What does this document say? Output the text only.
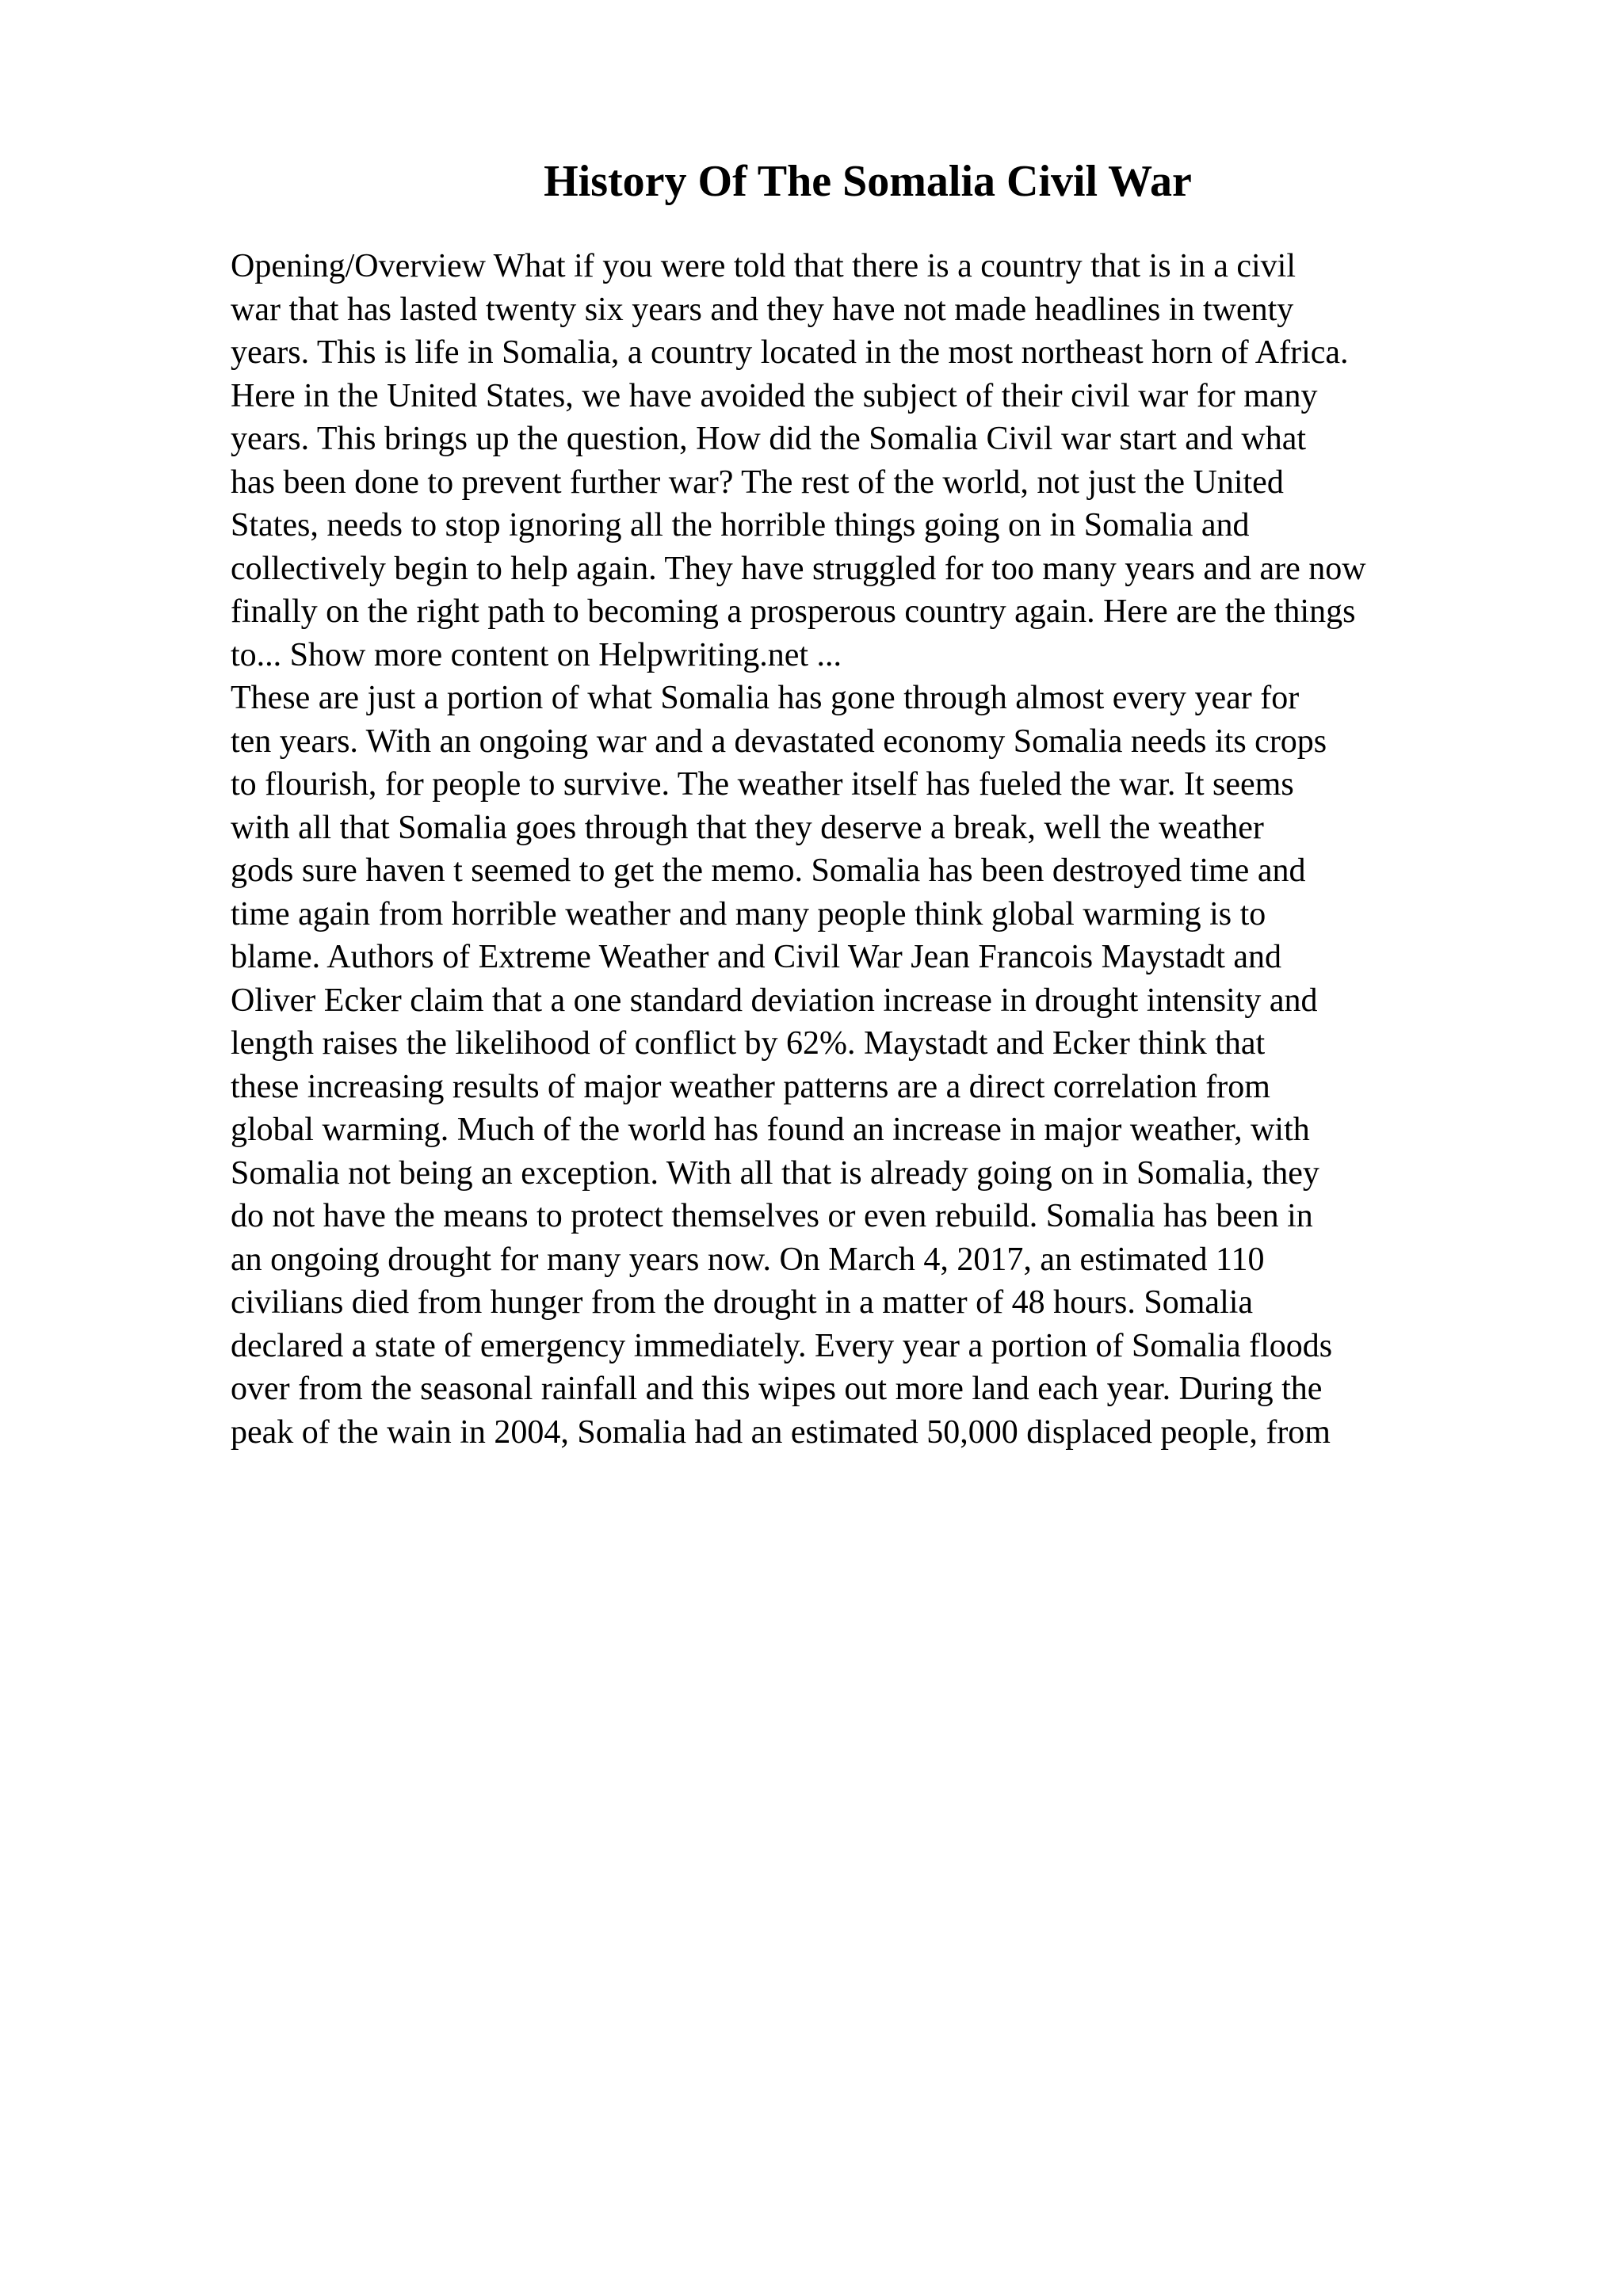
History Of The Somalia Civil War
Opening/Overview What if you were told that there is a country that is in a civil
war that has lasted twenty six years and they have not made headlines in twenty
years. This is life in Somalia, a country located in the most northeast horn of Africa.
Here in the United States, we have avoided the subject of their civil war for many
years. This brings up the question, How did the Somalia Civil war start and what
has been done to prevent further war? The rest of the world, not just the United
States, needs to stop ignoring all the horrible things going on in Somalia and
collectively begin to help again. They have struggled for too many years and are now
finally on the right path to becoming a prosperous country again. Here are the things
to... Show more content on Helpwriting.net ...
These are just a portion of what Somalia has gone through almost every year for
ten years. With an ongoing war and a devastated economy Somalia needs its crops
to flourish, for people to survive. The weather itself has fueled the war. It seems
with all that Somalia goes through that they deserve a break, well the weather
gods sure haven t seemed to get the memo. Somalia has been destroyed time and
time again from horrible weather and many people think global warming is to
blame. Authors of Extreme Weather and Civil War Jean Francois Maystadt and
Oliver Ecker claim that a one standard deviation increase in drought intensity and
length raises the likelihood of conflict by 62%. Maystadt and Ecker think that
these increasing results of major weather patterns are a direct correlation from
global warming. Much of the world has found an increase in major weather, with
Somalia not being an exception. With all that is already going on in Somalia, they
do not have the means to protect themselves or even rebuild. Somalia has been in
an ongoing drought for many years now. On March 4, 2017, an estimated 110
civilians died from hunger from the drought in a matter of 48 hours. Somalia
declared a state of emergency immediately. Every year a portion of Somalia floods
over from the seasonal rainfall and this wipes out more land each year. During the
peak of the wain in 2004, Somalia had an estimated 50,000 displaced people, from
